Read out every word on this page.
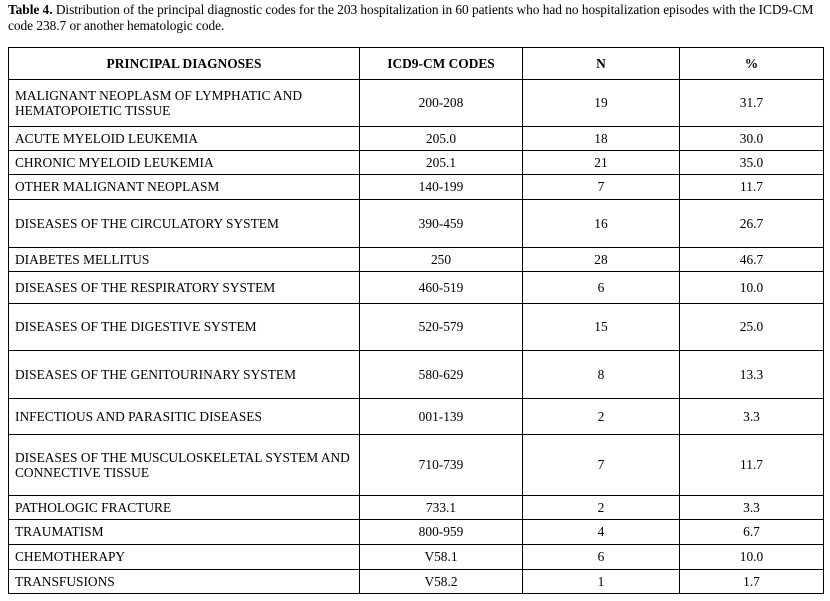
Table 4. Distribution of the principal diagnostic codes for the 203 hospitalization in 60 patients who had no hospitalization episodes with the ICD9-CM code 238.7 or another hematologic code.
PRINCIPAL DIAGNOSES	ICD9-CM CODES	N	%
MALIGNANT NEOPLASM OF LYMPHATIC AND HEMATOPOIETIC TISSUE	200-208	19	31.7
ACUTE MYELOID LEUKEMIA	205.0	18	30.0
CHRONIC MYELOID LEUKEMIA	205.1	21	35.0
OTHER MALIGNANT NEOPLASM	140-199	7	11.7
DISEASES OF THE CIRCULATORY SYSTEM	390-459	16	26.7
DIABETES MELLITUS	250	28	46.7
DISEASES OF THE RESPIRATORY SYSTEM	460-519	6	10.0
DISEASES OF THE DIGESTIVE SYSTEM	520-579	15	25.0
DISEASES OF THE GENITOURINARY SYSTEM	580-629	8	13.3
INFECTIOUS AND PARASITIC DISEASES	001-139	2	3.3
DISEASES OF THE MUSCULOSKELETAL SYSTEM AND CONNECTIVE TISSUE	710-739	7	11.7
PATHOLOGIC FRACTURE	733.1	2	3.3
TRAUMATISM	800-959	4	6.7
CHEMOTHERAPY	V58.1	6	10.0
TRANSFUSIONS	V58.2	1	1.7
